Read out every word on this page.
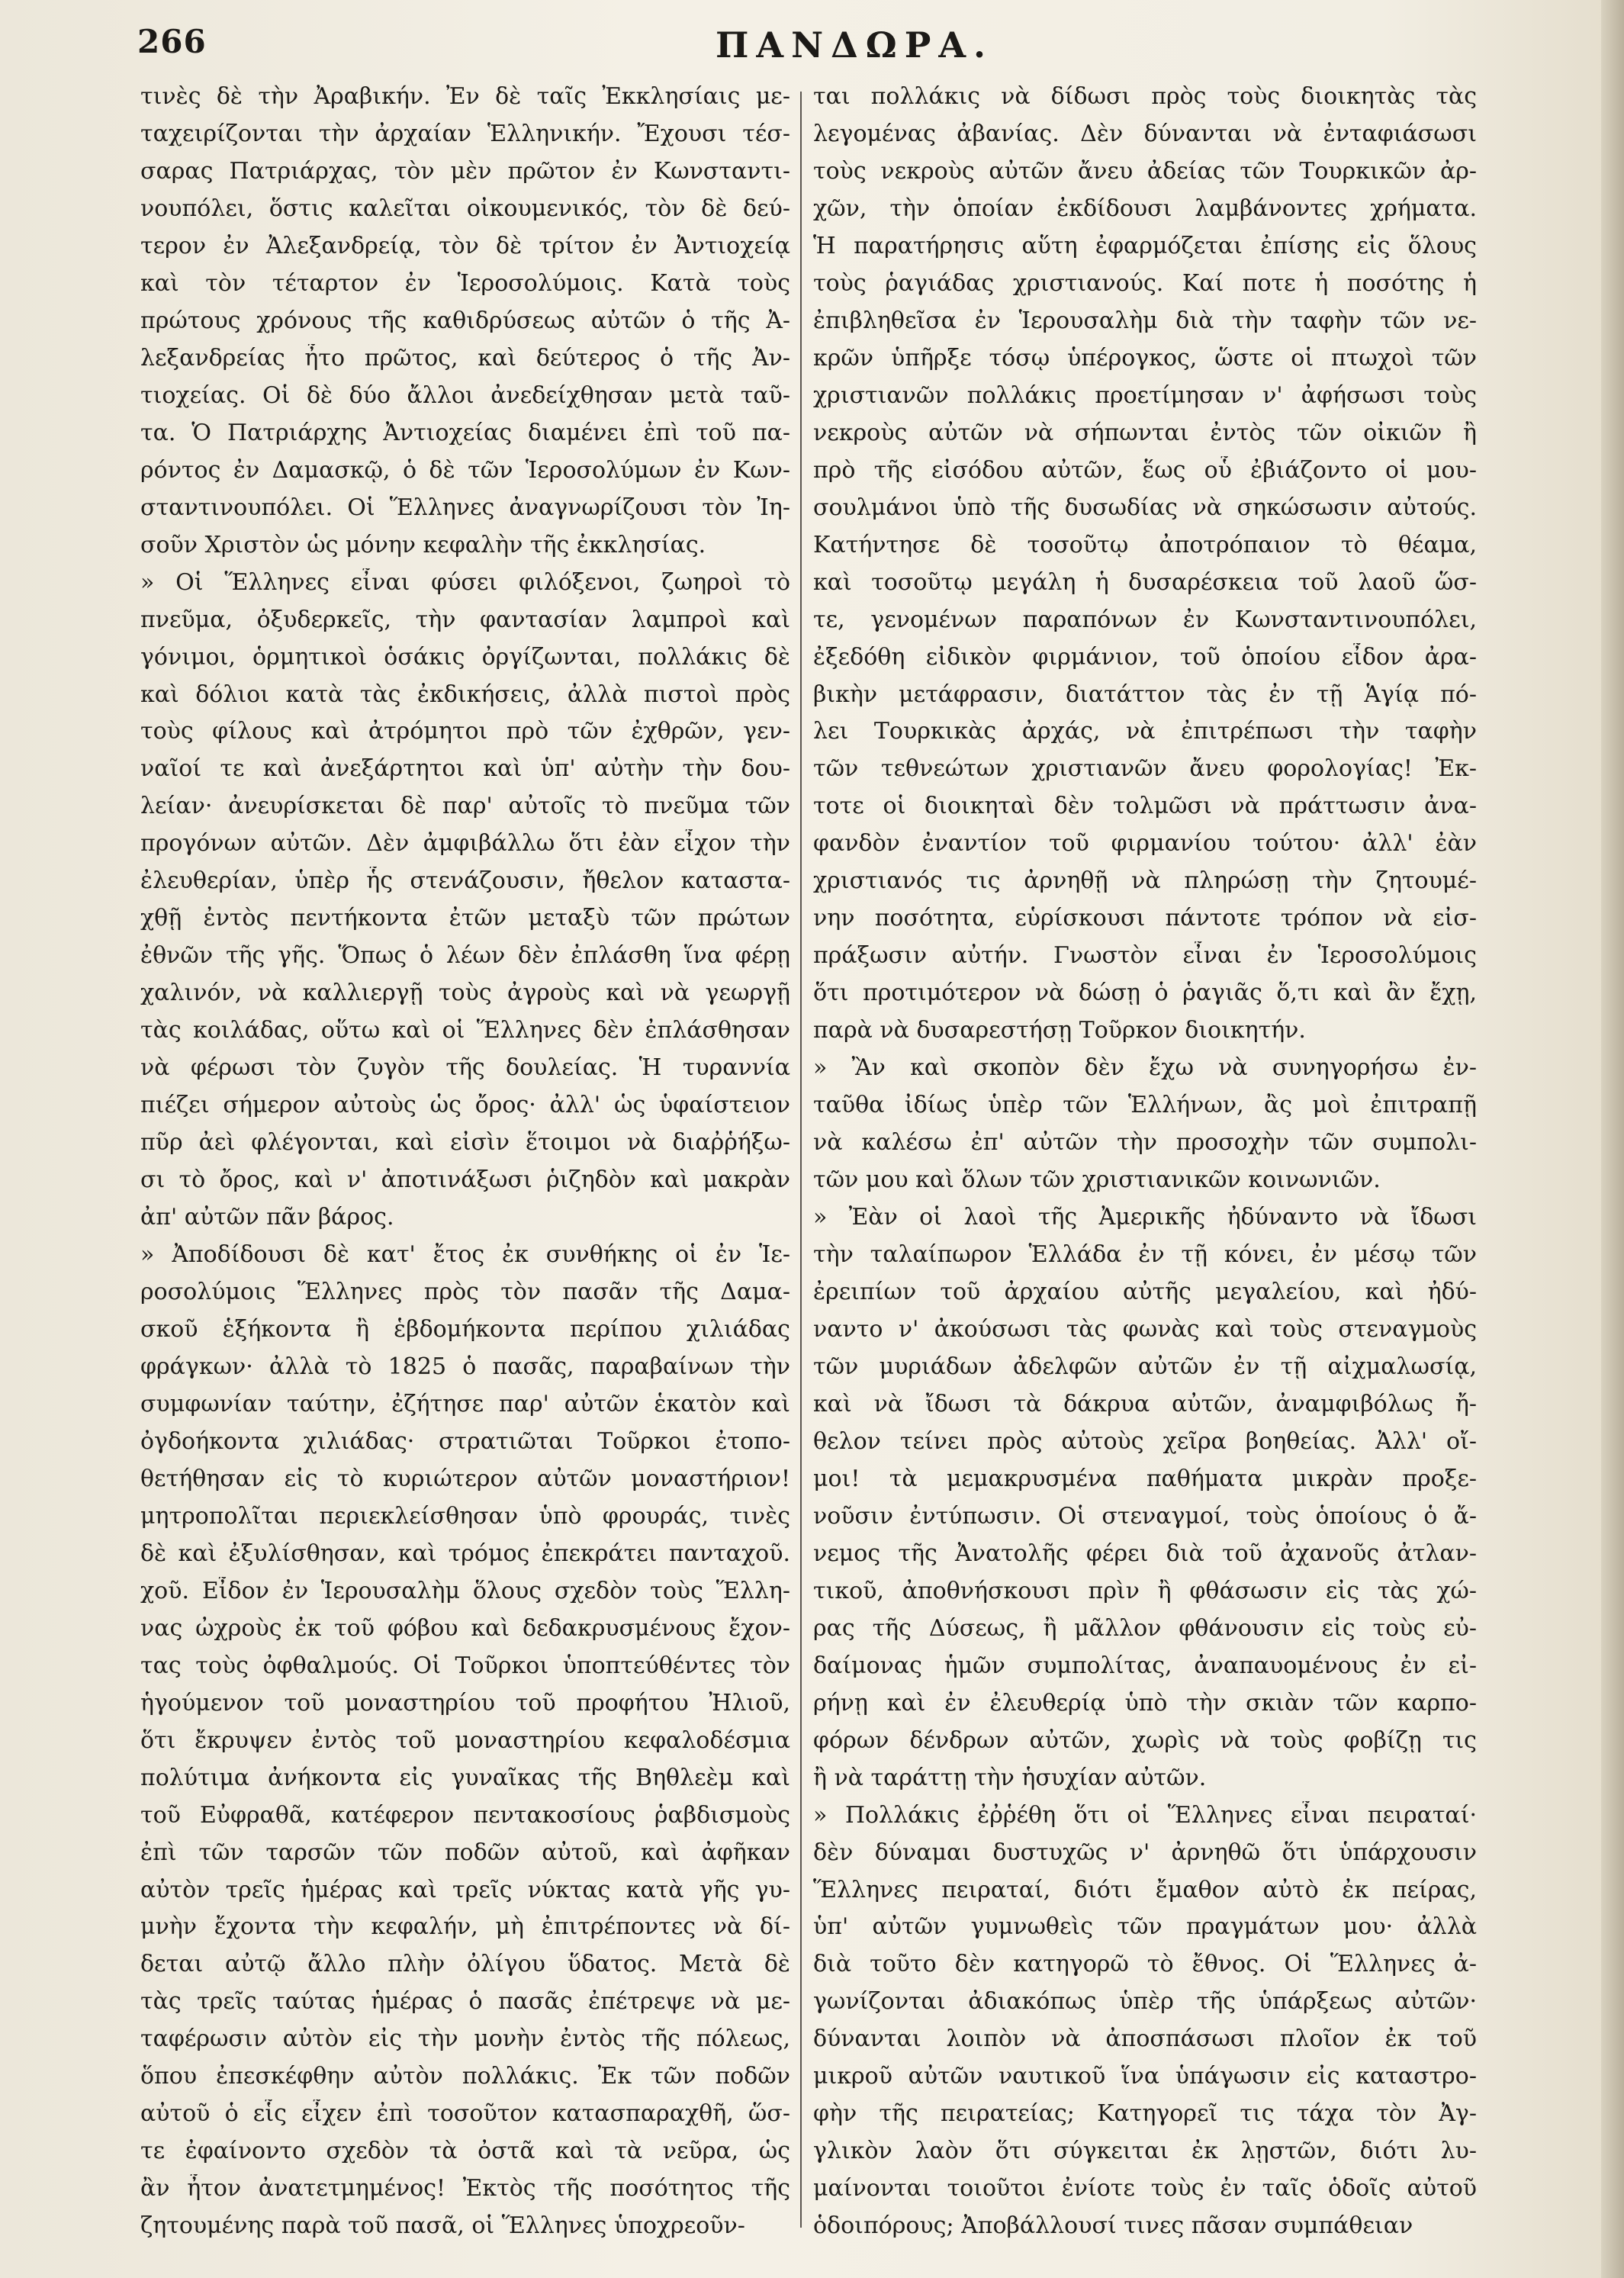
266	ΠΑΝΔΩΡΑ.
τινὲς δὲ τὴν Ἀραβικήν. Ἐν δὲ ταῖς Ἐκκλησίαις με-
ταχειρίζονται τὴν ἀρχαίαν Ἑλληνικήν. Ἔχουσι τέσ-
σαρας Πατριάρχας, τὸν μὲν πρῶτον ἐν Κωνσταντι-
νουπόλει, ὅστις καλεῖται οἰκουμενικός, τὸν δὲ δεύ-
τερον ἐν Ἀλεξανδρείᾳ, τὸν δὲ τρίτον ἐν Ἀντιοχείᾳ
καὶ τὸν τέταρτον ἐν Ἱεροσολύμοις. Κατὰ τοὺς
πρώτους χρόνους τῆς καθιδρύσεως αὐτῶν ὁ τῆς Ἀ-
λεξανδρείας ἦτο πρῶτος, καὶ δεύτερος ὁ τῆς Ἀν-
τιοχείας. Οἱ δὲ δύο ἄλλοι ἀνεδείχθησαν μετὰ ταῦ-
τα. Ὁ Πατριάρχης Ἀντιοχείας διαμένει ἐπὶ τοῦ πα-
ρόντος ἐν Δαμασκῷ, ὁ δὲ τῶν Ἱεροσολύμων ἐν Κων-
σταντινουπόλει. Οἱ Ἕλληνες ἀναγνωρίζουσι τὸν Ἰη-
σοῦν Χριστὸν ὡς μόνην κεφαλὴν τῆς ἐκκλησίας.
» Οἱ Ἕλληνες εἶναι φύσει φιλόξενοι, ζωηροὶ τὸ
πνεῦμα, ὀξυδερκεῖς, τὴν φαντασίαν λαμπροὶ καὶ
γόνιμοι, ὁρμητικοὶ ὁσάκις ὀργίζωνται, πολλάκις δὲ
καὶ δόλιοι κατὰ τὰς ἐκδικήσεις, ἀλλὰ πιστοὶ πρὸς
τοὺς φίλους καὶ ἀτρόμητοι πρὸ τῶν ἐχθρῶν, γεν-
ναῖοί τε καὶ ἀνεξάρτητοι καὶ ὑπ' αὐτὴν τὴν δου-
λείαν· ἀνευρίσκεται δὲ παρ' αὐτοῖς τὸ πνεῦμα τῶν
προγόνων αὐτῶν. Δὲν ἀμφιβάλλω ὅτι ἐὰν εἶχον τὴν
ἐλευθερίαν, ὑπὲρ ἧς στενάζουσιν, ἤθελον καταστα-
χθῇ ἐντὸς πεντήκοντα ἐτῶν μεταξὺ τῶν πρώτων
ἐθνῶν τῆς γῆς. Ὅπως ὁ λέων δὲν ἐπλάσθη ἵνα φέρῃ
χαλινόν, νὰ καλλιεργῇ τοὺς ἀγροὺς καὶ νὰ γεωργῇ
τὰς κοιλάδας, οὕτω καὶ οἱ Ἕλληνες δὲν ἐπλάσθησαν
νὰ φέρωσι τὸν ζυγὸν τῆς δουλείας. Ἡ τυραννία
πιέζει σήμερον αὐτοὺς ὡς ὄρος· ἀλλ' ὡς ὑφαίστειον
πῦρ ἀεὶ φλέγονται, καὶ εἰσὶν ἕτοιμοι νὰ διαῤῥήξω-
σι τὸ ὄρος, καὶ ν' ἀποτινάξωσι ῥιζηδὸν καὶ μακρὰν
ἀπ' αὐτῶν πᾶν βάρος.
» Ἀποδίδουσι δὲ κατ' ἔτος ἐκ συνθήκης οἱ ἐν Ἱε-
ροσολύμοις Ἕλληνες πρὸς τὸν πασᾶν τῆς Δαμα-
σκοῦ ἑξήκοντα ἢ ἑβδομήκοντα περίπου χιλιάδας
φράγκων· ἀλλὰ τὸ 1825 ὁ πασᾶς, παραβαίνων τὴν
συμφωνίαν ταύτην, ἐζήτησε παρ' αὐτῶν ἑκατὸν καὶ
ὀγδοήκοντα χιλιάδας· στρατιῶται Τοῦρκοι ἐτοπο-
θετήθησαν εἰς τὸ κυριώτερον αὐτῶν μοναστήριον!
μητροπολῖται περιεκλείσθησαν ὑπὸ φρουράς, τινὲς
δὲ καὶ ἐξυλίσθησαν, καὶ τρόμος ἐπεκράτει πανταχοῦ.
χοῦ. Εἶδον ἐν Ἱερουσαλὴμ ὅλους σχεδὸν τοὺς Ἕλλη-
νας ὠχροὺς ἐκ τοῦ φόβου καὶ δεδακρυσμένους ἔχον-
τας τοὺς ὀφθαλμούς. Οἱ Τοῦρκοι ὑποπτεύθέντες τὸν
ἡγούμενον τοῦ μοναστηρίου τοῦ προφήτου Ἠλιοῦ,
ὅτι ἔκρυψεν ἐντὸς τοῦ μοναστηρίου κεφαλοδέσμια
πολύτιμα ἀνήκοντα εἰς γυναῖκας τῆς Βηθλεὲμ καὶ
τοῦ Εὐφραθᾶ, κατέφερον πεντακοσίους ῥαβδισμοὺς
ἐπὶ τῶν ταρσῶν τῶν ποδῶν αὐτοῦ, καὶ ἀφῆκαν
αὐτὸν τρεῖς ἡμέρας καὶ τρεῖς νύκτας κατὰ γῆς γυ-
μνὴν ἔχοντα τὴν κεφαλήν, μὴ ἐπιτρέποντες νὰ δί-
δεται αὐτῷ ἄλλο πλὴν ὀλίγου ὕδατος. Μετὰ δὲ
τὰς τρεῖς ταύτας ἡμέρας ὁ πασᾶς ἐπέτρεψε νὰ με-
ταφέρωσιν αὐτὸν εἰς τὴν μονὴν ἐντὸς τῆς πόλεως,
ὅπου ἐπεσκέφθην αὐτὸν πολλάκις. Ἐκ τῶν ποδῶν
αὐτοῦ ὁ εἷς εἶχεν ἐπὶ τοσοῦτον κατασπαραχθῆ, ὥσ-
τε ἐφαίνοντο σχεδὸν τὰ ὀστᾶ καὶ τὰ νεῦρα, ὡς
ἂν ἦτον ἀνατετμημένος! Ἐκτὸς τῆς ποσότητος τῆς
ζητουμένης παρὰ τοῦ πασᾶ, οἱ Ἕλληνες ὑποχρεοῦν-
ται πολλάκις νὰ δίδωσι πρὸς τοὺς διοικητὰς τὰς
λεγομένας ἀβανίας. Δὲν δύνανται νὰ ἐνταφιάσωσι
τοὺς νεκροὺς αὐτῶν ἄνευ ἀδείας τῶν Τουρκικῶν ἀρ-
χῶν, τὴν ὁποίαν ἐκδίδουσι λαμβάνοντες χρήματα.
Ἡ παρατήρησις αὕτη ἐφαρμόζεται ἐπίσης εἰς ὅλους
τοὺς ῥαγιάδας χριστιανούς. Καί ποτε ἡ ποσότης ἡ
ἐπιβληθεῖσα ἐν Ἱερουσαλὴμ διὰ τὴν ταφὴν τῶν νε-
κρῶν ὑπῆρξε τόσῳ ὑπέρογκος, ὥστε οἱ πτωχοὶ τῶν
χριστιανῶν πολλάκις προετίμησαν ν' ἀφήσωσι τοὺς
νεκροὺς αὐτῶν νὰ σήπωνται ἐντὸς τῶν οἰκιῶν ἢ
πρὸ τῆς εἰσόδου αὐτῶν, ἕως οὗ ἐβιάζοντο οἱ μου-
σουλμάνοι ὑπὸ τῆς δυσωδίας νὰ σηκώσωσιν αὐτούς.
Κατήντησε δὲ τοσοῦτῳ ἀποτρόπαιον τὸ θέαμα,
καὶ τοσοῦτῳ μεγάλη ἡ δυσαρέσκεια τοῦ λαοῦ ὥσ-
τε, γενομένων παραπόνων ἐν Κωνσταντινουπόλει,
ἐξεδόθη εἰδικὸν φιρμάνιον, τοῦ ὁποίου εἶδον ἀρα-
βικὴν μετάφρασιν, διατάττον τὰς ἐν τῇ Ἁγίᾳ πό-
λει Τουρκικὰς ἀρχάς, νὰ ἐπιτρέπωσι τὴν ταφὴν
τῶν τεθνεώτων χριστιανῶν ἄνευ φορολογίας! Ἐκ-
τοτε οἱ διοικηταὶ δὲν τολμῶσι νὰ πράττωσιν ἀνα-
φανδὸν ἐναντίον τοῦ φιρμανίου τούτου· ἀλλ' ἐὰν
χριστιανός τις ἀρνηθῇ νὰ πληρώσῃ τὴν ζητουμέ-
νην ποσότητα, εὑρίσκουσι πάντοτε τρόπον νὰ εἰσ-
πράξωσιν αὐτήν. Γνωστὸν εἶναι ἐν Ἱεροσολύμοις
ὅτι προτιμότερον νὰ δώσῃ ὁ ῥαγιᾶς ὅ,τι καὶ ἂν ἔχῃ,
παρὰ νὰ δυσαρεστήσῃ Τοῦρκον διοικητήν.
» Ἂν καὶ σκοπὸν δὲν ἔχω νὰ συνηγορήσω ἐν-
ταῦθα ἰδίως ὑπὲρ τῶν Ἑλλήνων, ἂς μοὶ ἐπιτραπῇ
νὰ καλέσω ἐπ' αὐτῶν τὴν προσοχὴν τῶν συμπολι-
τῶν μου καὶ ὅλων τῶν χριστιανικῶν κοινωνιῶν.
» Ἐὰν οἱ λαοὶ τῆς Ἀμερικῆς ἠδύναντο νὰ ἴδωσι
τὴν ταλαίπωρον Ἑλλάδα ἐν τῇ κόνει, ἐν μέσῳ τῶν
ἐρειπίων τοῦ ἀρχαίου αὐτῆς μεγαλείου, καὶ ἠδύ-
ναντο ν' ἀκούσωσι τὰς φωνὰς καὶ τοὺς στεναγμοὺς
τῶν μυριάδων ἀδελφῶν αὐτῶν ἐν τῇ αἰχμαλωσίᾳ,
καὶ νὰ ἴδωσι τὰ δάκρυα αὐτῶν, ἀναμφιβόλως ἤ-
θελον τείνει πρὸς αὐτοὺς χεῖρα βοηθείας. Ἀλλ' οἴ-
μοι! τὰ μεμακρυσμένα παθήματα μικρὰν προξε-
νοῦσιν ἐντύπωσιν. Οἱ στεναγμοί, τοὺς ὁποίους ὁ ἄ-
νεμος τῆς Ἀνατολῆς φέρει διὰ τοῦ ἀχανοῦς ἀτλαν-
τικοῦ, ἀποθνήσκουσι πρὶν ἢ φθάσωσιν εἰς τὰς χώ-
ρας τῆς Δύσεως, ἢ μᾶλλον φθάνουσιν εἰς τοὺς εὐ-
δαίμονας ἡμῶν συμπολίτας, ἀναπαυομένους ἐν εἰ-
ρήνῃ καὶ ἐν ἐλευθερίᾳ ὑπὸ τὴν σκιὰν τῶν καρπο-
φόρων δένδρων αὐτῶν, χωρὶς νὰ τοὺς φοβίζῃ τις
ἢ νὰ ταράττῃ τὴν ἡσυχίαν αὐτῶν.
» Πολλάκις ἐῤῥέθη ὅτι οἱ Ἕλληνες εἶναι πειραταί·
δὲν δύναμαι δυστυχῶς ν' ἀρνηθῶ ὅτι ὑπάρχουσιν
Ἕλληνες πειραταί, διότι ἔμαθον αὐτὸ ἐκ πείρας,
ὑπ' αὐτῶν γυμνωθεὶς τῶν πραγμάτων μου· ἀλλὰ
διὰ τοῦτο δὲν κατηγορῶ τὸ ἔθνος. Οἱ Ἕλληνες ἀ-
γωνίζονται ἀδιακόπως ὑπὲρ τῆς ὑπάρξεως αὐτῶν·
δύνανται λοιπὸν νὰ ἀποσπάσωσι πλοῖον ἐκ τοῦ
μικροῦ αὐτῶν ναυτικοῦ ἵνα ὑπάγωσιν εἰς καταστρο-
φὴν τῆς πειρατείας; Κατηγορεῖ τις τάχα τὸν Ἀγ-
γλικὸν λαὸν ὅτι σύγκειται ἐκ λῃστῶν, διότι λυ-
μαίνονται τοιοῦτοι ἐνίοτε τοὺς ἐν ταῖς ὁδοῖς αὐτοῦ
ὁδοιπόρους; Ἀποβάλλουσί τινες πᾶσαν συμπάθειαν
